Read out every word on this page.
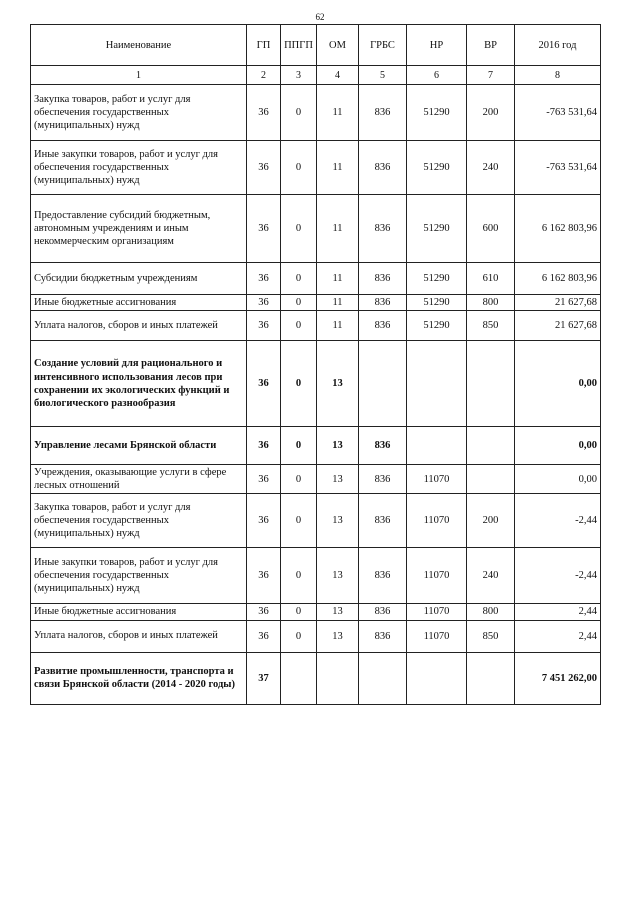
62
Наименование	ГП	ППГП	ОМ	ГРБС	НР	ВР	2016 год
1	2	3	4	5	6	7	8
Закупка товаров, работ и услуг для обеспечения государственных (муниципальных) нужд	36	0	11	836	51290	200	-763 531,64
Иные закупки товаров, работ и услуг для обеспечения государственных (муниципальных) нужд	36	0	11	836	51290	240	-763 531,64
Предоставление субсидий бюджетным, автономным учреждениям и иным некоммерческим организациям	36	0	11	836	51290	600	6 162 803,96
Субсидии бюджетным учреждениям	36	0	11	836	51290	610	6 162 803,96
Иные бюджетные ассигнования	36	0	11	836	51290	800	21 627,68
Уплата налогов, сборов и иных платежей	36	0	11	836	51290	850	21 627,68
Создание условий для рационального и интенсивного использования лесов при сохранении их экологических функций и биологического разнообразия	36	0	13				0,00
Управление лесами Брянской области	36	0	13	836			0,00
Учреждения, оказывающие услуги в сфере лесных отношений	36	0	13	836	11070		0,00
Закупка товаров, работ и услуг для обеспечения государственных (муниципальных) нужд	36	0	13	836	11070	200	-2,44
Иные закупки товаров, работ и услуг для обеспечения государственных (муниципальных) нужд	36	0	13	836	11070	240	-2,44
Иные бюджетные ассигнования	36	0	13	836	11070	800	2,44
Уплата налогов, сборов и иных платежей	36	0	13	836	11070	850	2,44
Развитие промышленности, транспорта и связи Брянской области (2014 - 2020 годы)	37						7 451 262,00
